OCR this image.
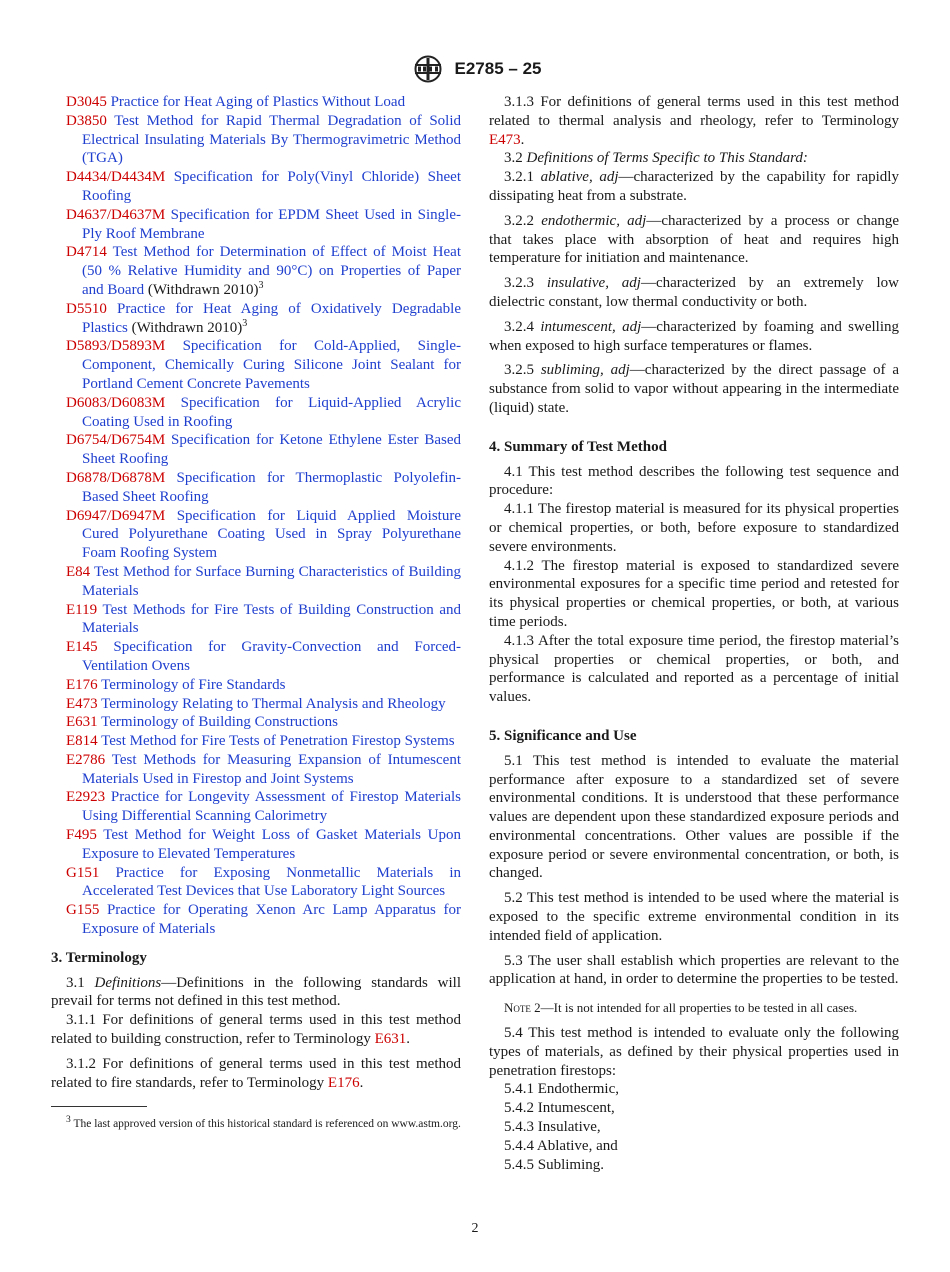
E2785 – 25
D3045 Practice for Heat Aging of Plastics Without Load
D3850 Test Method for Rapid Thermal Degradation of Solid Electrical Insulating Materials By Thermogravimetric Method (TGA)
D4434/D4434M Specification for Poly(Vinyl Chloride) Sheet Roofing
D4637/D4637M Specification for EPDM Sheet Used in Single-Ply Roof Membrane
D4714 Test Method for Determination of Effect of Moist Heat (50 % Relative Humidity and 90°C) on Properties of Paper and Board (Withdrawn 2010)$^3$
D5510 Practice for Heat Aging of Oxidatively Degradable Plastics (Withdrawn 2010)$^3$
D5893/D5893M Specification for Cold-Applied, Single-Component, Chemically Curing Silicone Joint Sealant for Portland Cement Concrete Pavements
D6083/D6083M Specification for Liquid-Applied Acrylic Coating Used in Roofing
D6754/D6754M Specification for Ketone Ethylene Ester Based Sheet Roofing
D6878/D6878M Specification for Thermoplastic Polyolefin-Based Sheet Roofing
D6947/D6947M Specification for Liquid Applied Moisture Cured Polyurethane Coating Used in Spray Polyurethane Foam Roofing System
E84 Test Method for Surface Burning Characteristics of Building Materials
E119 Test Methods for Fire Tests of Building Construction and Materials
E145 Specification for Gravity-Convection and Forced-Ventilation Ovens
E176 Terminology of Fire Standards
E473 Terminology Relating to Thermal Analysis and Rheology
E631 Terminology of Building Constructions
E814 Test Method for Fire Tests of Penetration Firestop Systems
E2786 Test Methods for Measuring Expansion of Intumescent Materials Used in Firestop and Joint Systems
E2923 Practice for Longevity Assessment of Firestop Materials Using Differential Scanning Calorimetry
F495 Test Method for Weight Loss of Gasket Materials Upon Exposure to Elevated Temperatures
G151 Practice for Exposing Nonmetallic Materials in Accelerated Test Devices that Use Laboratory Light Sources
G155 Practice for Operating Xenon Arc Lamp Apparatus for Exposure of Materials

3. Terminology

3.1 Definitions—Definitions in the following standards will prevail for terms not defined in this test method.

3.1.1 For definitions of general terms used in this test method related to building construction, refer to Terminology E631.

3.1.2 For definitions of general terms used in this test method related to fire standards, refer to Terminology E176.

$^3$ The last approved version of this historical standard is referenced on www.astm.org.

3.1.3 For definitions of general terms used in this test method related to thermal analysis and rheology, refer to Terminology E473.

3.2 Definitions of Terms Specific to This Standard:

3.2.1 ablative, adj—characterized by the capability for rapidly dissipating heat from a substrate.

3.2.2 endothermic, adj—characterized by a process or change that takes place with absorption of heat and requires high temperature for initiation and maintenance.

3.2.3 insulative, adj—characterized by an extremely low dielectric constant, low thermal conductivity or both.

3.2.4 intumescent, adj—characterized by foaming and swelling when exposed to high surface temperatures or flames.

3.2.5 subliming, adj—characterized by the direct passage of a substance from solid to vapor without appearing in the intermediate (liquid) state.

4. Summary of Test Method

4.1 This test method describes the following test sequence and procedure:

4.1.1 The firestop material is measured for its physical properties or chemical properties, or both, before exposure to standardized severe environments.

4.1.2 The firestop material is exposed to standardized severe environmental exposures for a specific time period and retested for its physical properties or chemical properties, or both, at various time periods.

4.1.3 After the total exposure time period, the firestop material’s physical properties or chemical properties, or both, and performance is calculated and reported as a percentage of initial values.

5. Significance and Use

5.1 This test method is intended to evaluate the material performance after exposure to a standardized set of severe environmental conditions. It is understood that these performance values are dependent upon these standardized exposure periods and environmental concentrations. Other values are possible if the exposure period or severe environmental concentration, or both, is changed.

5.2 This test method is intended to be used where the material is exposed to the specific extreme environmental condition in its intended field of application.

5.3 The user shall establish which properties are relevant to the application at hand, in order to determine the properties to be tested.

Note 2—It is not intended for all properties to be tested in all cases.

5.4 This test method is intended to evaluate only the following types of materials, as defined by their physical properties used in penetration firestops:

5.4.1 Endothermic,
5.4.2 Intumescent,
5.4.3 Insulative,
5.4.4 Ablative, and
5.4.5 Subliming.
2
